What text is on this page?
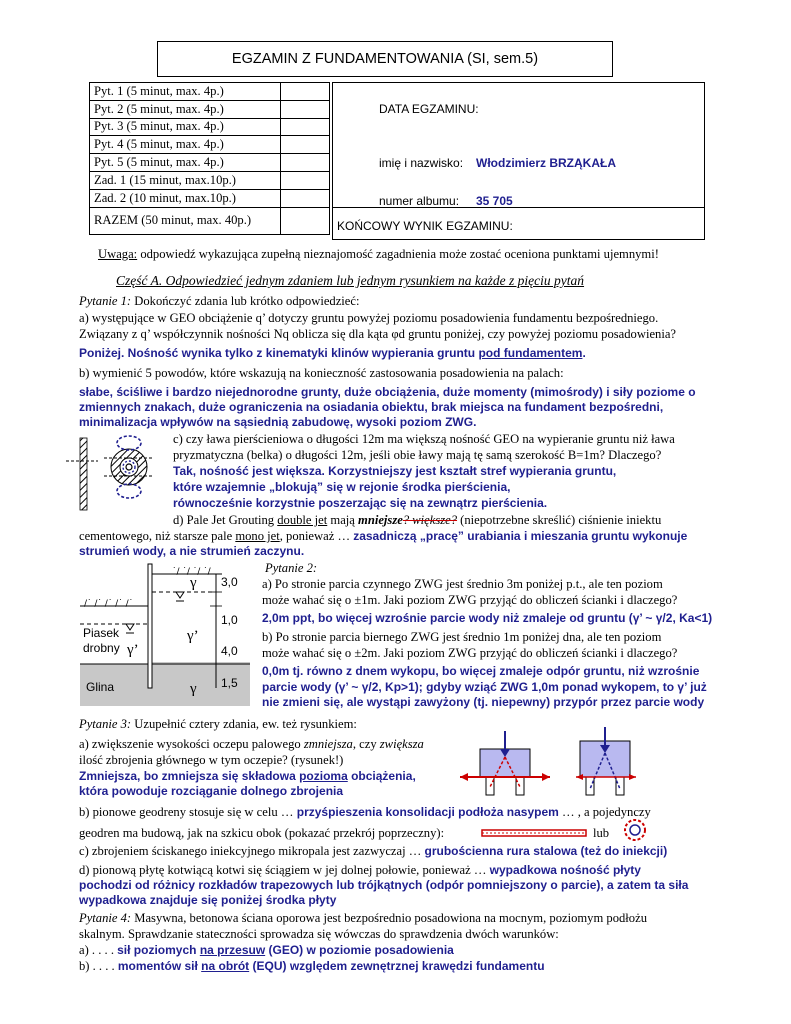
EGZAMIN Z FUNDAMENTOWANIA (SI, sem.5)
Pyt. 1 (5 minut, max. 4p.)	
Pyt. 2 (5 minut, max. 4p.)	
Pyt. 3 (5 minut, max. 4p.)	
Pyt. 4 (5 minut, max. 4p.)	
Pyt. 5 (5 minut, max. 4p.)	
Zad. 1 (15 minut, max.10p.)	
Zad. 2 (10 minut, max.10p.)	
RAZEM (50 minut, max. 40p.)	
DATA EGZAMINU:
imię i nazwisko: Włodzimierz BRZĄKAŁA
numer albumu: 35 705
KOŃCOWY WYNIK EGZAMINU:
Uwaga: odpowiedź wykazująca zupełną nieznajomość zagadnienia może zostać oceniona punktami ujemnymi!
Część A. Odpowiedzieć jednym zdaniem lub jednym rysunkiem na każde z pięciu pytań
Pytanie 1: Dokończyć zdania lub krótko odpowiedzieć:
a) występujące w GEO obciążenie q’ dotyczy gruntu powyżej poziomu posadowienia fundamentu bezpośredniego.
Związany z q’ współczynnik nośności Nq oblicza się dla kąta φd gruntu poniżej, czy powyżej poziomu posadowienia?
Poniżej. Nośność wynika tylko z kinematyki klinów wypierania gruntu pod fundamentem.
b) wymienić 5 powodów, które wskazują na konieczność zastosowania posadowienia na palach:
słabe, ściśliwe i bardzo niejednorodne grunty, duże obciążenia, duże momenty (mimośrody) i siły poziome o
zmiennych znakach, duże ograniczenia na osiadania obiektu, brak miejsca na fundament bezpośredni,
minimalizacja wpływów na sąsiednią zabudowę, wysoki poziom ZWG.
c) czy ława pierścieniowa o długości 12m ma większą nośność GEO na wypieranie gruntu niż ława
pryzmatyczna (belka) o długości 12m, jeśli obie ławy mają tę samą szerokość B=1m? Dlaczego?
Tak, nośność jest większa. Korzystniejszy jest kształt stref wypierania gruntu,
które wzajemnie „blokują” się w rejonie środka pierścienia,
równocześnie korzystnie poszerzając się na zewnątrz pierścienia.
d) Pale Jet Grouting double jet mają mniejsze? większe? (niepotrzebne skreślić) ciśnienie iniektu
cementowego, niż starsze pale mono jet, ponieważ … zasadniczą „pracę” urabiania i mieszania gruntu wykonuje
strumień wody, a nie strumień zaczynu.
˙/ ˙/ ˙/ ˙/
/˙ /˙ /˙ /˙ /˙
γ
γ’
γ’
γ
3,0
1,0
4,0
1,5
Piasek
drobny
Glina
Pytanie 2:
a) Po stronie parcia czynnego ZWG jest średnio 3m poniżej p.t., ale ten poziom
może wahać się o ±1m. Jaki poziom ZWG przyjąć do obliczeń ścianki i dlaczego?
2,0m ppt, bo więcej wzrośnie parcie wody niż zmaleje od gruntu (γ’ ~ γ/2, Ka<1)
b) Po stronie parcia biernego ZWG jest średnio 1m poniżej dna, ale ten poziom
może wahać się o ±2m. Jaki poziom ZWG przyjąć do obliczeń ścianki i dlaczego?
0,0m tj. równo z dnem wykopu, bo więcej zmaleje odpór gruntu, niż wzrośnie
parcie wody (γ’ ~ γ/2, Kp>1); gdyby wziąć ZWG 1,0m ponad wykopem, to γ’ już
nie zmieni się, ale wystąpi zawyżony (tj. niepewny) przypór przez parcie wody
Pytanie 3: Uzupełnić cztery zdania, ew. też rysunkiem:
a) zwiększenie wysokości oczepu palowego zmniejsza, czy zwiększa
ilość zbrojenia głównego w tym oczepie? (rysunek!)
Zmniejsza, bo zmniejsza się składowa pozioma obciążenia,
która powoduje rozciąganie dolnego zbrojenia
b) pionowe geodreny stosuje się w celu … przyśpieszenia konsolidacji podłoża nasypem … , a pojedynczy
geodren ma budową, jak na szkicu obok (pokazać przekrój poprzeczny):	lub
c) zbrojeniem ściskanego iniekcyjnego mikropala jest zazwyczaj … grubościenna rura stalowa (też do iniekcji)
d) pionową płytę kotwiącą kotwi się ściągiem w jej dolnej połowie, ponieważ … wypadkowa nośność płyty
pochodzi od różnicy rozkładów trapezowych lub trójkątnych (odpór pomniejszony o parcie), a zatem ta siła
wypadkowa znajduje się poniżej środka płyty
Pytanie 4: Masywna, betonowa ściana oporowa jest bezpośrednio posadowiona na mocnym, poziomym podłożu
skalnym. Sprawdzanie stateczności sprowadza się wówczas do sprawdzenia dwóch warunków:
a) . . . . sił poziomych na przesuw (GEO) w poziomie posadowienia
b) . . . . momentów sił na obrót (EQU) względem zewnętrznej krawędzi fundamentu
